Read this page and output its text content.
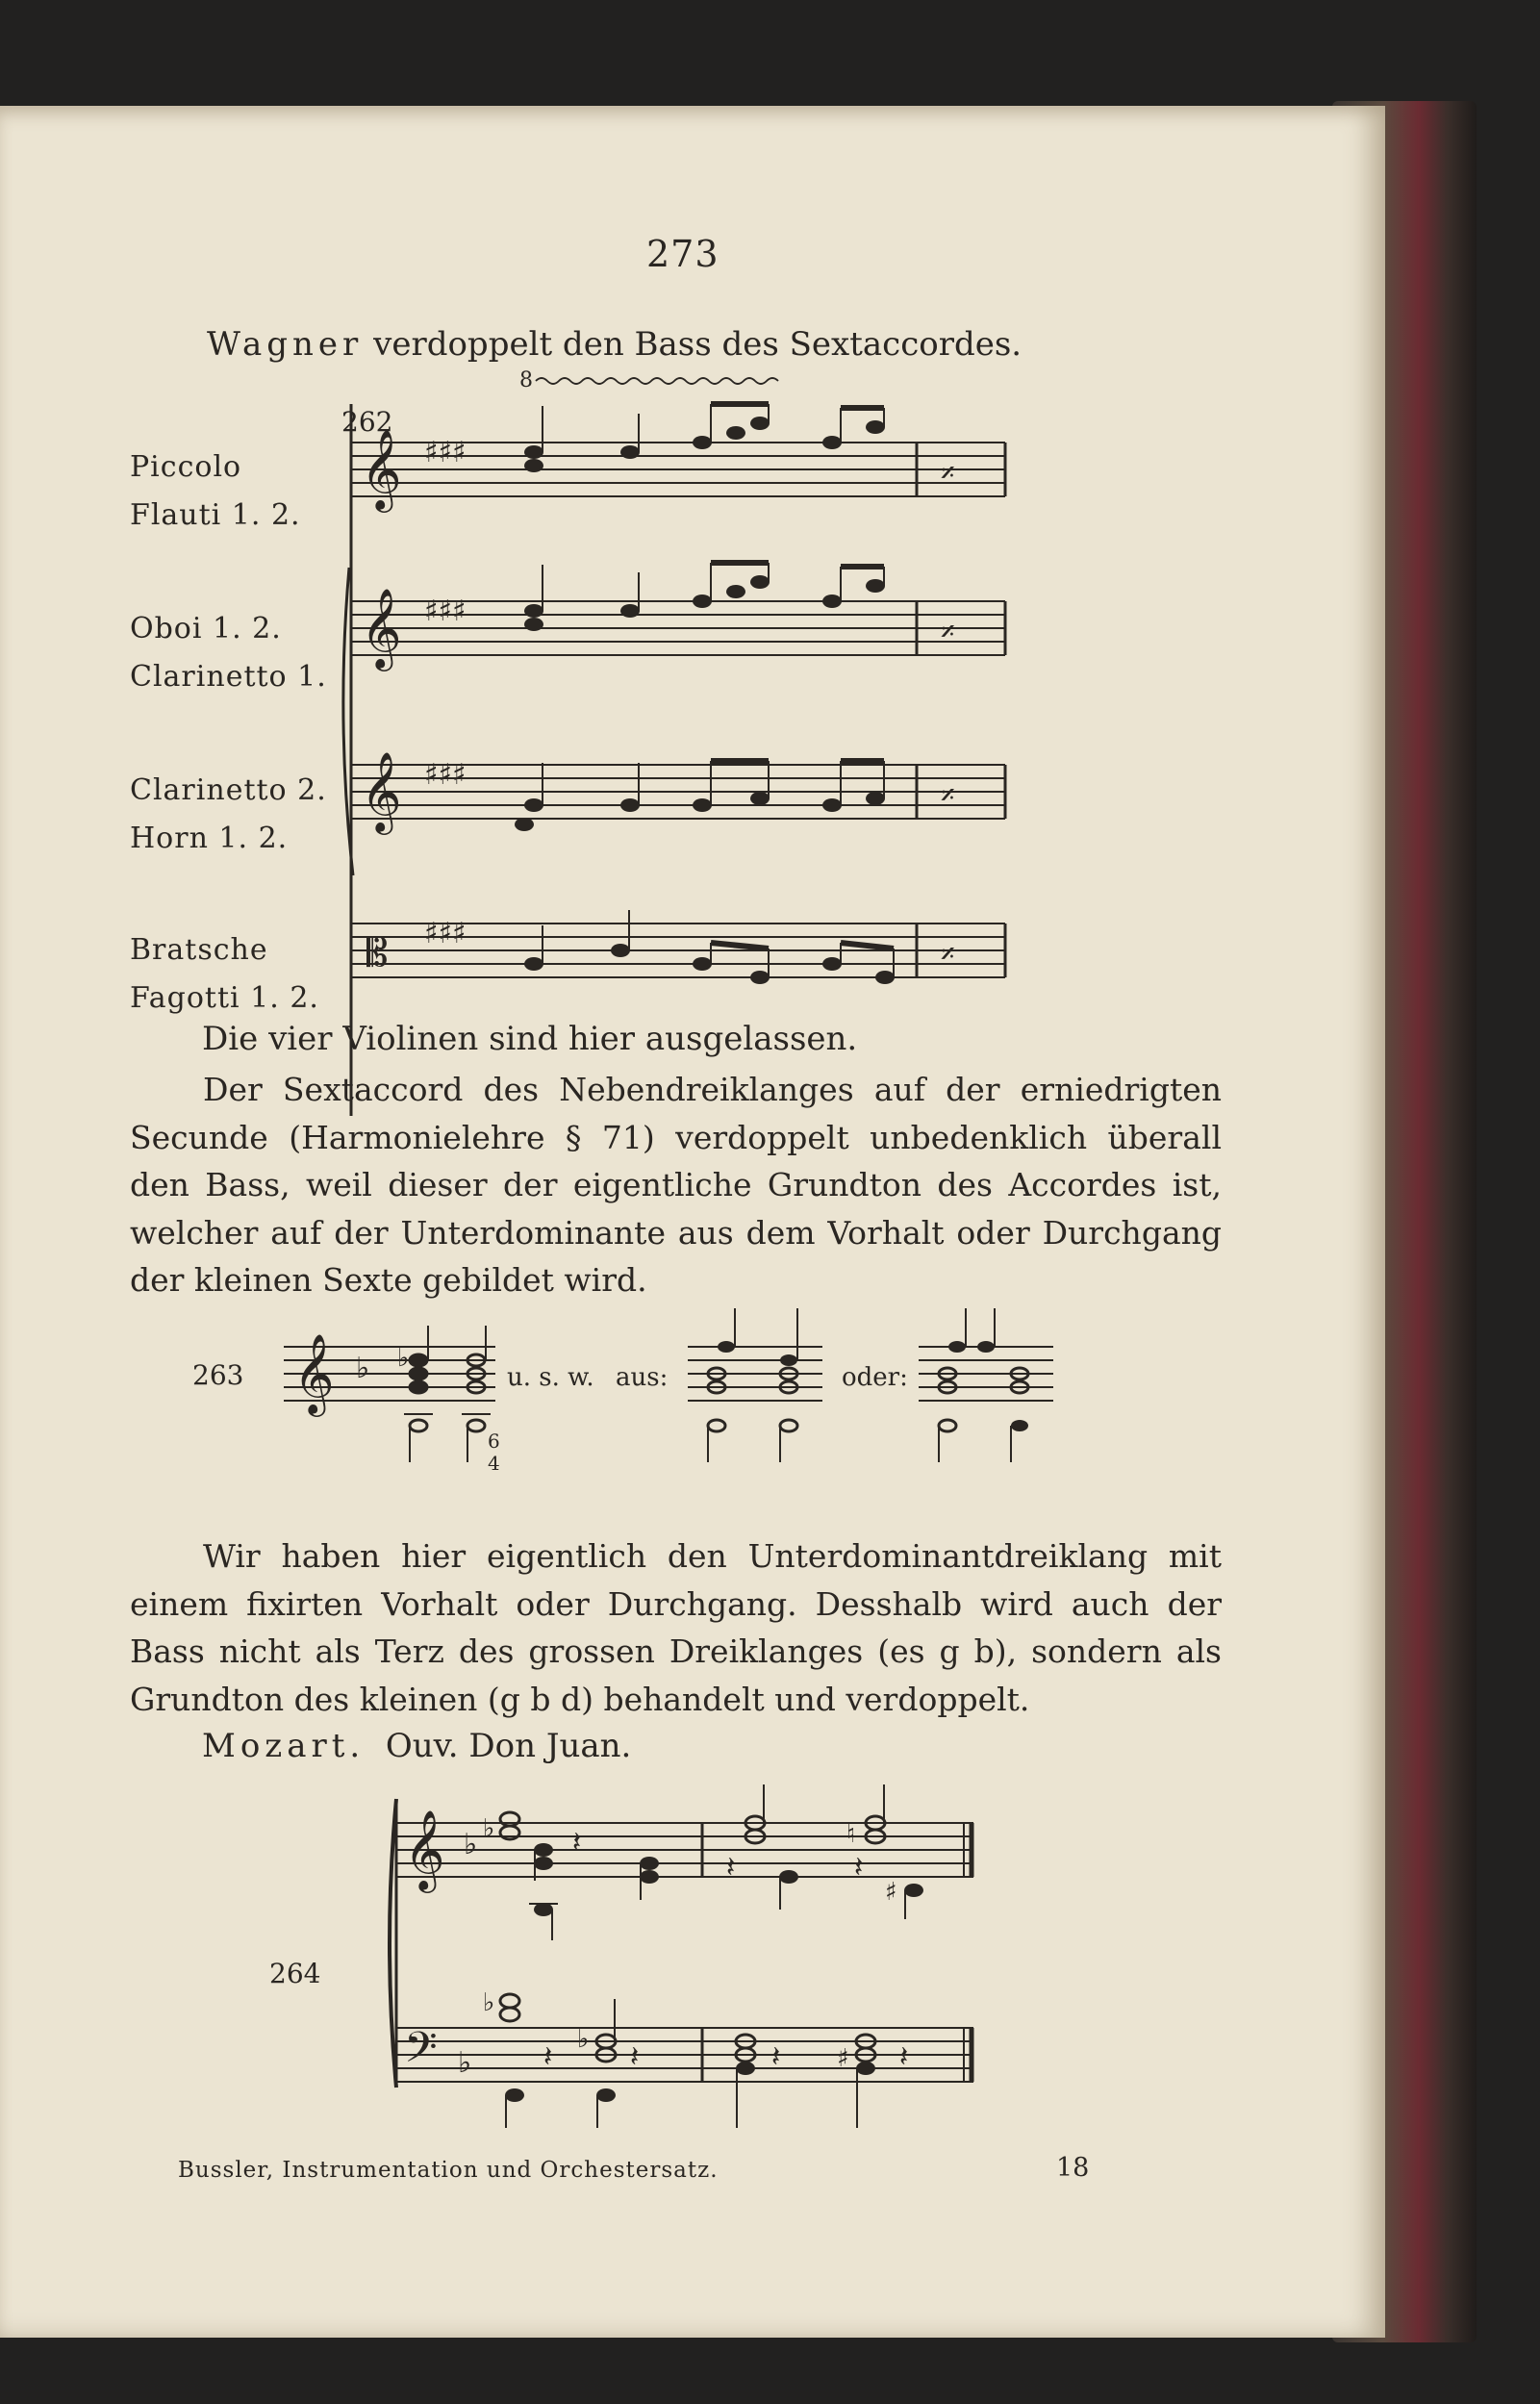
273
Wagner verdoppelt den Bass des Sextaccordes.
262
Piccolo
Flauti 1. 2.
Oboi 1. 2.
Clarinetto 1.
Clarinetto 2.
Horn 1. 2.
Bratsche
Fagotti 1. 2.
8
𝄞 ♯♯♯
𝄎
𝄞 ♯♯♯
𝄎
𝄞 ♯♯♯
𝄎
𝄡 ♯♯♯
𝄎
Die vier Violinen sind hier ausgelassen.
Der Sextaccord des Nebendreiklanges auf der erniedrigten Secunde (Harmonielehre § 71) verdoppelt unbedenklich überall den Bass, weil dieser der eigentliche Grundton des Accordes ist, welcher auf der Unterdominante aus dem Vorhalt oder Durchgang der kleinen Sexte gebildet wird.
263 𝄞 ♭ ♭
6
4
u. s. w. aus:	oder:
Wir haben hier eigentlich den Unterdominantdreiklang mit einem fixirten Vorhalt oder Durchgang. Desshalb wird auch der Bass nicht als Terz des grossen Dreiklanges (es g b), sondern als Grundton des kleinen (g b d) behandelt und verdoppelt.
Mozart. Ouv. Don Juan.
264
𝄞 ♭ ♭	𝄽
𝄽
♮
𝄽
♯
𝄢 ♭
♭
𝄽
♭
𝄽	𝄽 ♯ 𝄽
Bussler, Instrumentation und Orchestersatz.	18
